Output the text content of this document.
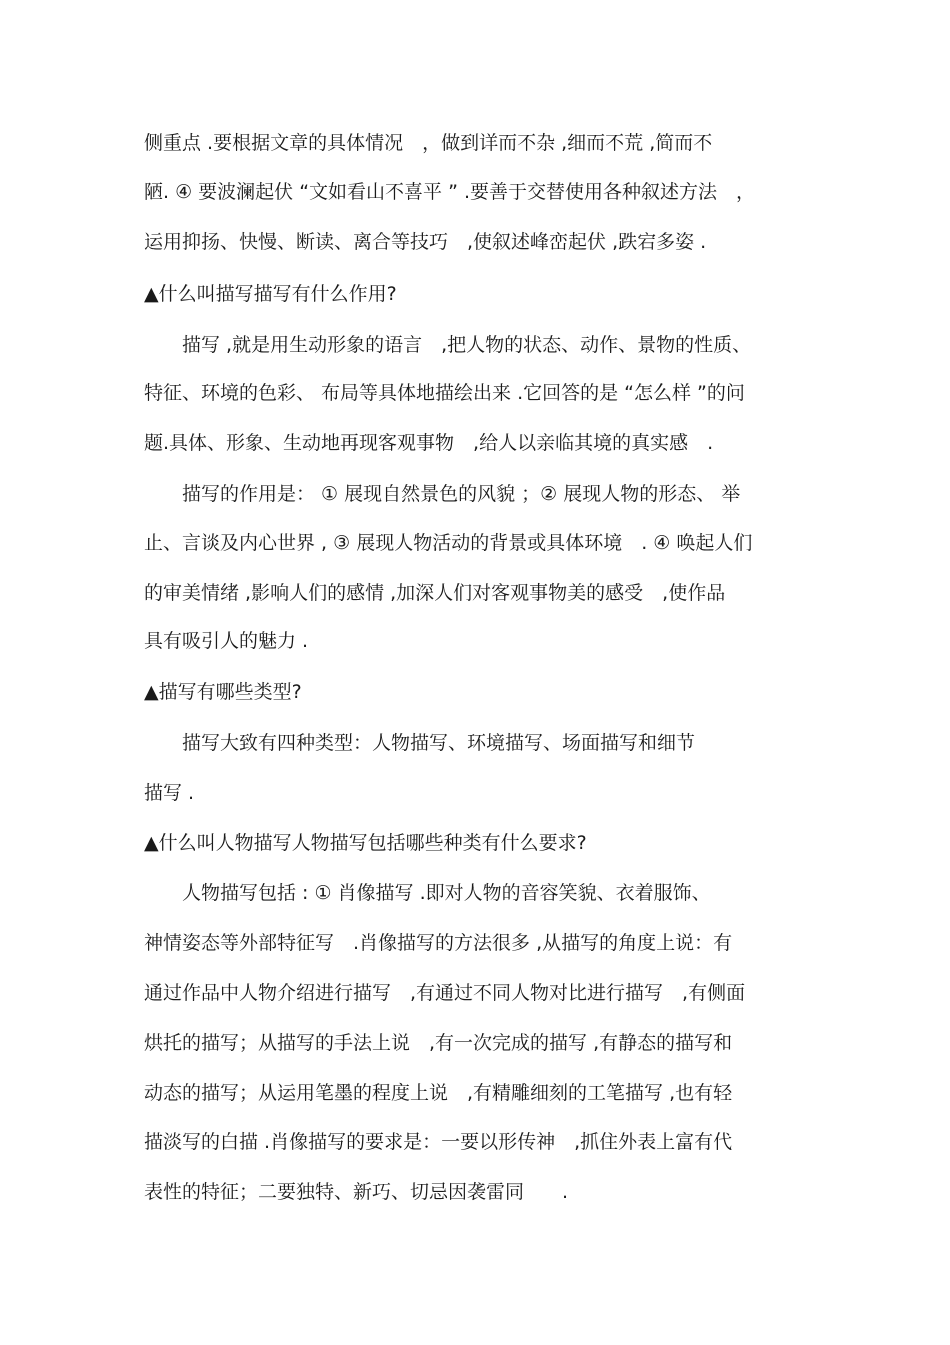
侧重点 .要根据文章的具体情况　，做到详而不杂 ,细而不荒 ,简而不
陋. ④ 要波澜起伏 “文如看山不喜平 ” .要善于交替使用各种叙述方法　，
运用抑扬、快慢、断读、离合等技巧　,使叙述峰峦起伏 ,跌宕多姿 .
▲什么叫描写描写有什么作用?
　　描写 ,就是用生动形象的语言　,把人物的状态、动作、景物的性质、
特征、环境的色彩、 布局等具体地描绘出来 .它回答的是 “怎么样 ”的问
题.具体、形象、生动地再现客观事物　,给人以亲临其境的真实感　.
　　描写的作用是： ① 展现自然景色的风貌 ；② 展现人物的形态、 举
止、言谈及内心世界 , ③ 展现人物活动的背景或具体环境　. ④ 唤起人们
的审美情绪 ,影响人们的感情 ,加深人们对客观事物美的感受　,使作品
具有吸引人的魅力 .
▲描写有哪些类型?
　　描写大致有四种类型：人物描写、环境描写、场面描写和细节
描写 .
▲什么叫人物描写人物描写包括哪些种类有什么要求?
　　人物描写包括 : ① 肖像描写 .即对人物的音容笑貌、衣着服饰、
神情姿态等外部特征写　.肖像描写的方法很多 ,从描写的角度上说：有
通过作品中人物介绍进行描写　,有通过不同人物对比进行描写　,有侧面
烘托的描写；从描写的手法上说　,有一次完成的描写 ,有静态的描写和
动态的描写；从运用笔墨的程度上说　,有精雕细刻的工笔描写 ,也有轻
描淡写的白描 .肖像描写的要求是：一要以形传神　,抓住外表上富有代
表性的特征；二要独特、新巧、切忌因袭雷同　　.
